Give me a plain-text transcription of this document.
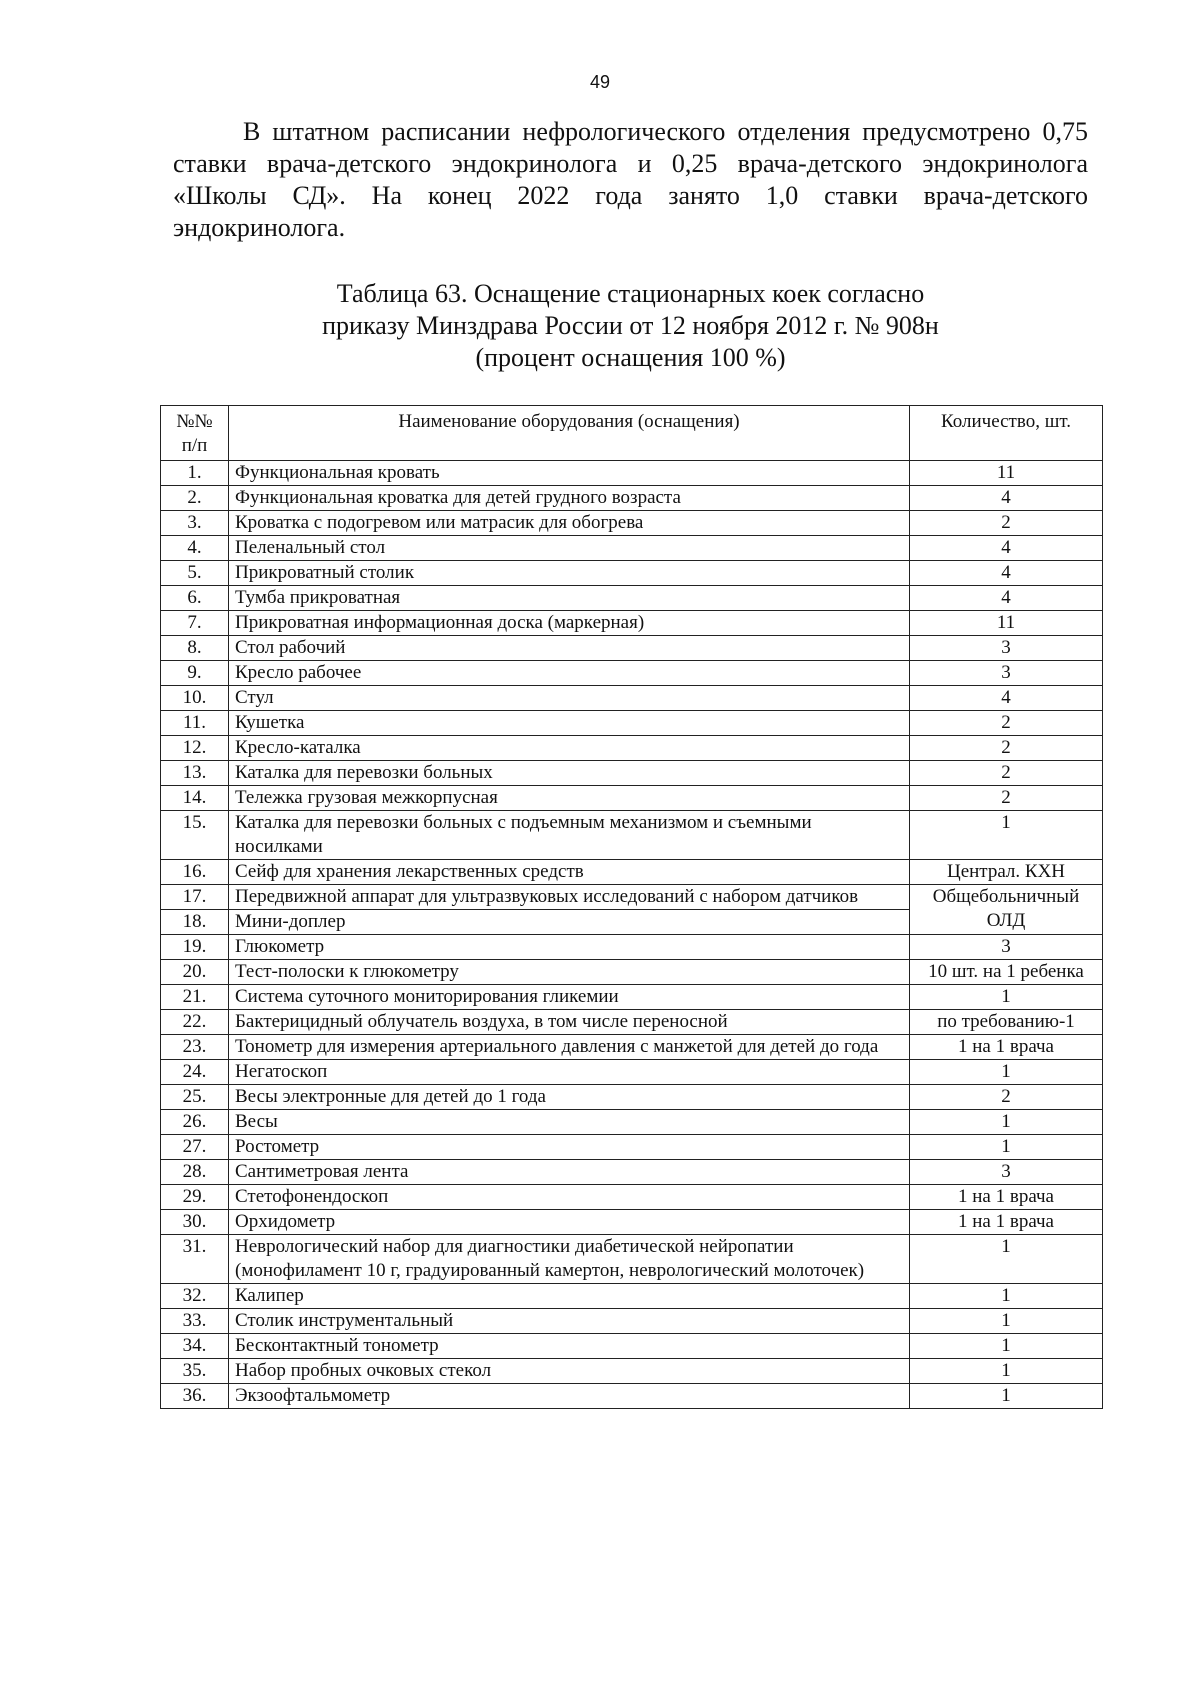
49

В штатном расписании нефрологического отделения предусмотрено 0,75 ставки врача-детского эндокринолога и 0,25 врача-детского эндокринолога «Школы СД». На конец 2022 года занято 1,0 ставки врача-детского эндокринолога.

Таблица 63. Оснащение стационарных коек согласно

приказу Минздрава России от 12 ноября 2012 г. № 908н

(процент оснащения 100 %)

№№ п/п	Наименование оборудования (оснащения)	Количество, шт.
1.	Функциональная кровать	11
2.	Функциональная кроватка для детей грудного возраста	4
3.	Кроватка с подогревом или матрасик для обогрева	2
4.	Пеленальный стол	4
5.	Прикроватный столик	4
6.	Тумба прикроватная	4
7.	Прикроватная информационная доска (маркерная)	11
8.	Стол рабочий	3
9.	Кресло рабочее	3
10.	Стул	4
11.	Кушетка	2
12.	Кресло-каталка	2
13.	Каталка для перевозки больных	2
14.	Тележка грузовая межкорпусная	2
15.	Каталка для перевозки больных с подъемным механизмом и съемными носилками	1
16.	Сейф для хранения лекарственных средств	Централ. КХН
17.	Передвижной аппарат для ультразвуковых исследований с набором датчиков	Общебольничный ОЛД
18.	Мини-доплер	
19.	Глюкометр	3
20.	Тест-полоски к глюкометру	10 шт. на 1 ребенка
21.	Система суточного мониторирования гликемии	1
22.	Бактерицидный облучатель воздуха, в том числе переносной	по требованию-1
23.	Тонометр для измерения артериального давления с манжетой для детей до года	1 на 1 врача
24.	Негатоскоп	1
25.	Весы электронные для детей до 1 года	2
26.	Весы	1
27.	Ростометр	1
28.	Сантиметровая лента	3
29.	Стетофонендоскоп	1 на 1 врача
30.	Орхидометр	1 на 1 врача
31.	Неврологический набор для диагностики диабетической нейропатии (монофиламент 10 г, градуированный камертон, неврологический молоточек)	1
32.	Калипер	1
33.	Столик инструментальный	1
34.	Бесконтактный тонометр	1
35.	Набор пробных очковых стекол	1
36.	Экзоофтальмометр	1
